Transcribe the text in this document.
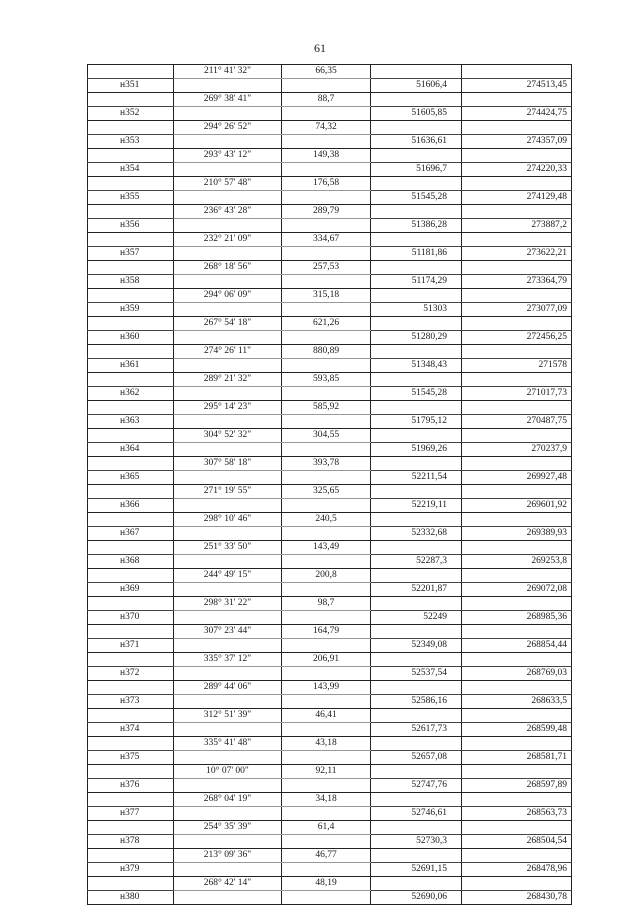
61
	211° 41' 32"	66,35		
н351			51606,4	274513,45
	269° 38' 41"	88,7		
н352			51605,85	274424,75
	294° 26' 52"	74,32		
н353			51636,61	274357,09
	293° 43' 12"	149,38		
н354			51696,7	274220,33
	210° 57' 48"	176,58		
н355			51545,28	274129,48
	236° 43' 28"	289,79		
н356			51386,28	273887,2
	232° 21' 09"	334,67		
н357			51181,86	273622,21
	268° 18' 56"	257,53		
н358			51174,29	273364,79
	294° 06' 09"	315,18		
н359			51303	273077,09
	267° 54' 18"	621,26		
н360			51280,29	272456,25
	274° 26' 11"	880,89		
н361			51348,43	271578
	289° 21' 32"	593,85		
н362			51545,28	271017,73
	295° 14' 23"	585,92		
н363			51795,12	270487,75
	304° 52' 32"	304,55		
н364			51969,26	270237,9
	307° 58' 18"	393,78		
н365			52211,54	269927,48
	271° 19' 55"	325,65		
н366			52219,11	269601,92
	298° 10' 46"	240,5		
н367			52332,68	269389,93
	251° 33' 50"	143,49		
н368			52287,3	269253,8
	244° 49' 15"	200,8		
н369			52201,87	269072,08
	298° 31' 22"	98,7		
н370			52249	268985,36
	307° 23' 44"	164,79		
н371			52349,08	268854,44
	335° 37' 12"	206,91		
н372			52537,54	268769,03
	289° 44' 06"	143,99		
н373			52586,16	268633,5
	312° 51' 39"	46,41		
н374			52617,73	268599,48
	335° 41' 48"	43,18		
н375			52657,08	268581,71
	10° 07' 00"	92,11		
н376			52747,76	268597,89
	268° 04' 19"	34,18		
н377			52746,61	268563,73
	254° 35' 39"	61,4		
н378			52730,3	268504,54
	213° 09' 36"	46,77		
н379			52691,15	268478,96
	268° 42' 14"	48,19		
н380			52690,06	268430,78
